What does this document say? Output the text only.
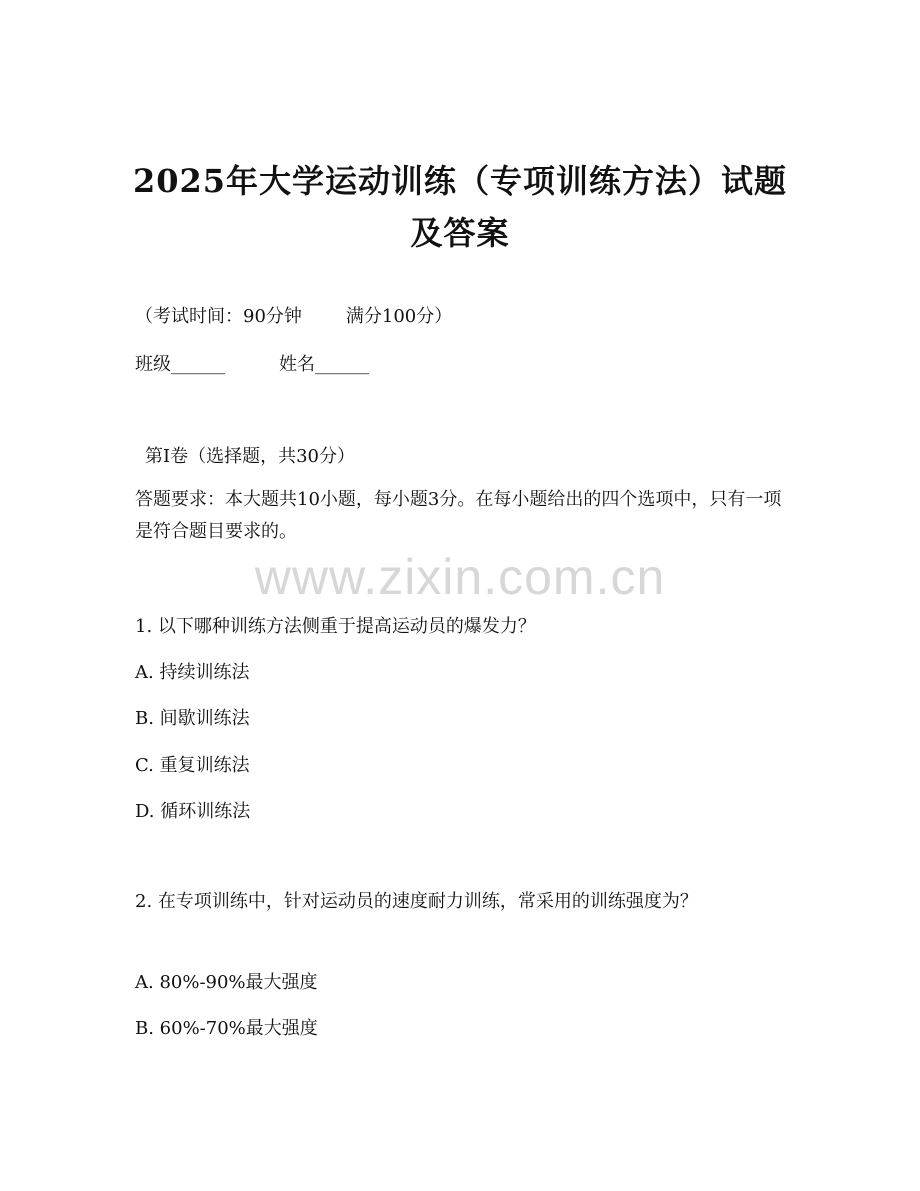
2025年大学运动训练（专项训练方法）试题
及答案

（考试时间：90分钟 满分100分）

班级______	姓名______

第Ⅰ卷（选择题，共30分）

答题要求：本大题共10小题，每小题3分。在每小题给出的四个选项中，只有一项是符合题目要求的。

www.zixin.com.cn

1. 以下哪种训练方法侧重于提高运动员的爆发力？

A. 持续训练法

B. 间歇训练法

C. 重复训练法

D. 循环训练法

2. 在专项训练中，针对运动员的速度耐力训练，常采用的训练强度为？

A. 80%-90%最大强度

B. 60%-70%最大强度
